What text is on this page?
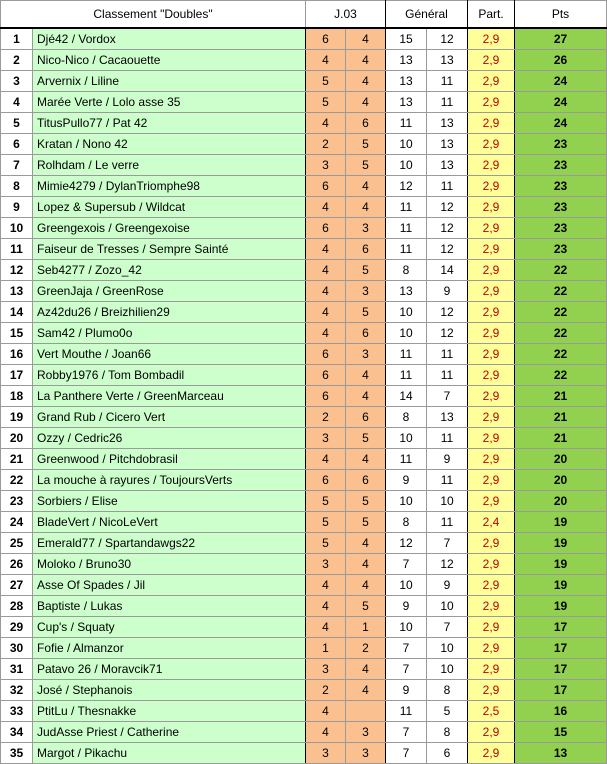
Classement "Doubles"		J.03		Général		Part.	Pts
1	Djé42 / Vordox	6	4	15	12	2,9	27
2	Nico-Nico / Cacaouette	4	4	13	13	2,9	26
3	Arvernix / Liline	5	4	13	11	2,9	24
4	Marée Verte / Lolo asse 35	5	4	13	11	2,9	24
5	TitusPullo77 / Pat 42	4	6	11	13	2,9	24
6	Kratan / Nono 42	2	5	10	13	2,9	23
7	Rolhdam / Le verre	3	5	10	13	2,9	23
8	Mimie4279 / DylanTriomphe98	6	4	12	11	2,9	23
9	Lopez & Supersub / Wildcat	4	4	11	12	2,9	23
10	Greengexois / Greengexoise	6	3	11	12	2,9	23
11	Faiseur de Tresses / Sempre Sainté	4	6	11	12	2,9	23
12	Seb4277 / Zozo_42	4	5	8	14	2,9	22
13	GreenJaja / GreenRose	4	3	13	9	2,9	22
14	Az42du26 / Breizhilien29	4	5	10	12	2,9	22
15	Sam42 / Plumo0o	4	6	10	12	2,9	22
16	Vert Mouthe / Joan66	6	3	11	11	2,9	22
17	Robby1976 / Tom Bombadil	6	4	11	11	2,9	22
18	La Panthere Verte / GreenMarceau	6	4	14	7	2,9	21
19	Grand Rub / Cicero Vert	2	6	8	13	2,9	21
20	Ozzy / Cedric26	3	5	10	11	2,9	21
21	Greenwood / Pitchdobrasil	4	4	11	9	2,9	20
22	La mouche à rayures / ToujoursVerts	6	6	9	11	2,9	20
23	Sorbiers / Elise	5	5	10	10	2,9	20
24	BladeVert / NicoLeVert	5	5	8	11	2,4	19
25	Emerald77 / Spartandawgs22	5	4	12	7	2,9	19
26	Moloko / Bruno30	3	4	7	12	2,9	19
27	Asse Of Spades / Jil	4	4	10	9	2,9	19
28	Baptiste / Lukas	4	5	9	10	2,9	19
29	Cup's / Squaty	4	1	10	7	2,9	17
30	Fofie / Almanzor	1	2	7	10	2,9	17
31	Patavo 26 / Moravcik71	3	4	7	10	2,9	17
32	José / Stephanois	2	4	9	8	2,9	17
33	PtitLu / Thesnakke	4		11	5	2,5	16
34	JudAsse Priest / Catherine	4	3	7	8	2,9	15
35	Margot / Pikachu	3	3	7	6	2,9	13
